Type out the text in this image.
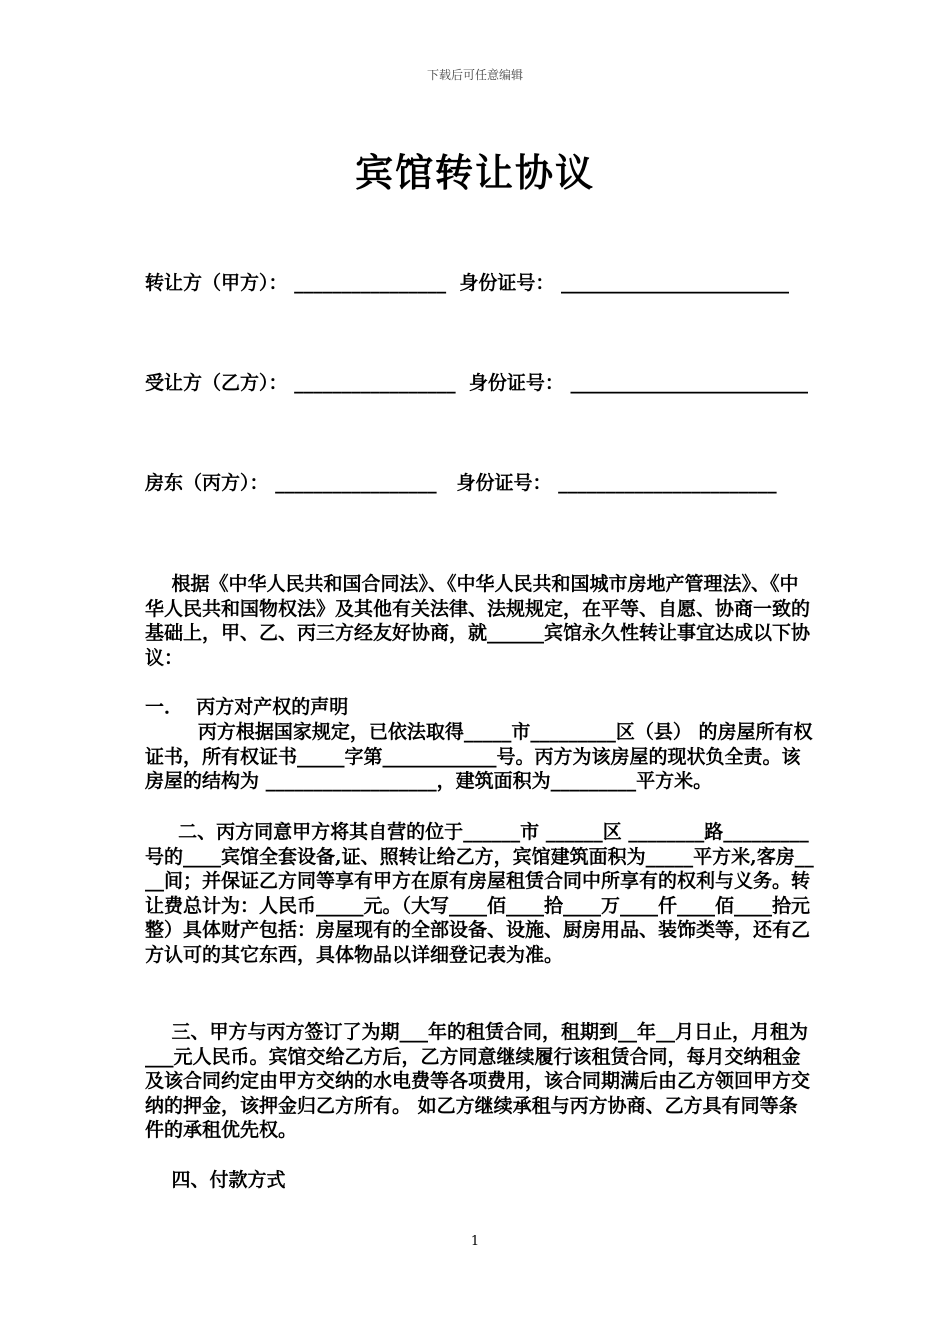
下载后可任意编辑
宾馆转让协议
转让方（甲方）： ________________  身份证号： ________________________
受让方（乙方）： _________________  身份证号： _________________________
房东（丙方）： _________________   身份证号： _______________________
根据《中华人民共和国合同法》、《中华人民共和国城市房地产管理法》、《中华人民共和国物权法》及其他有关法律、法规规定，在平等、自愿、协商一致的基础上，甲、乙、丙三方经友好协商，就______宾馆永久性转让事宜达成以下协议：
一．  丙方对产权的声明
丙方根据国家规定，已依法取得_____市_________区（县） 的房屋所有权证书，所有权证书_____字第____________号。丙方为该房屋的现状负全责。该房屋的结构为 __________________，建筑面积为_________平方米。
二、丙方同意甲方将其自营的位于______市 ______区 ________路_________号的____宾馆全套设备,证、照转让给乙方，宾馆建筑面积为_____平方米,客房____间；并保证乙方同等享有甲方在原有房屋租赁合同中所享有的权利与义务。转让费总计为：人民币_____元。（大写____佰____拾____万____仟____佰____拾元整）具体财产包括：房屋现有的全部设备、设施、厨房用品、装饰类等，还有乙方认可的其它东西，具体物品以详细登记表为准。
三、甲方与丙方签订了为期___年的租赁合同，租期到__年__月日止，月租为___元人民币。宾馆交给乙方后，乙方同意继续履行该租赁合同，每月交纳租金及该合同约定由甲方交纳的水电费等各项费用，该合同期满后由乙方领回甲方交纳的押金，该押金归乙方所有。 如乙方继续承租与丙方协商、乙方具有同等条件的承租优先权。
四、付款方式
1
